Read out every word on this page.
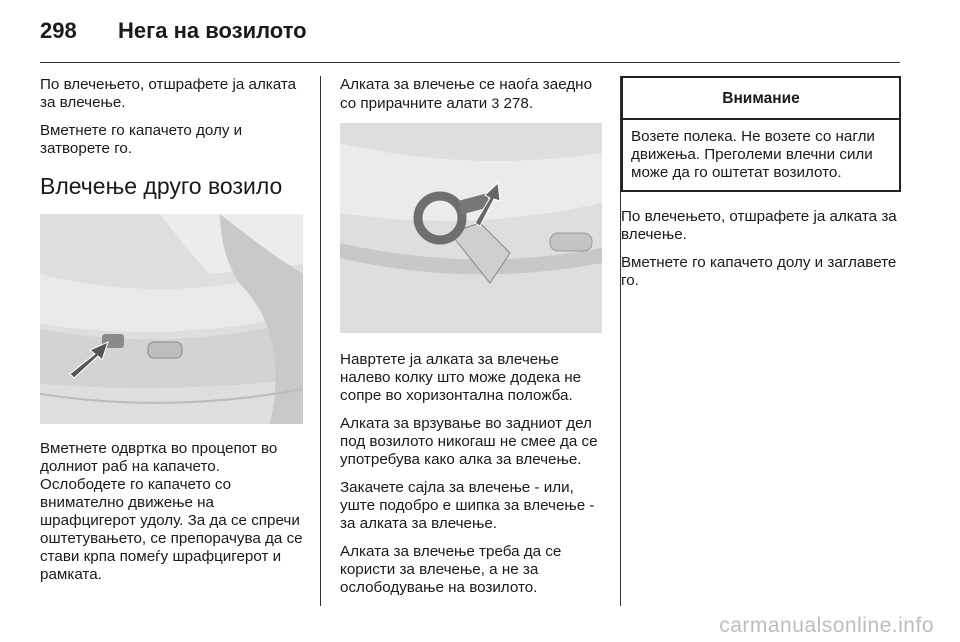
298	Нега на возилото

По влечењето, отшрафете ја алката за влечење.

Вметнете го капачето долу и затворете го.

Влечење друго возило

Вметнете одвртка во процепот во долниот раб на капачето. Ослободете го капачето со внимателно движење на шрафцигерот удолу. За да се спречи оштетувањето, се препорачува да се стави крпа помеѓу шрафцигерот и рамката.

Алката за влечење се наоѓа заедно со прирачните алати 3 278.

Навртете ја алката за влечење налево колку што може додека не сопре во хоризонтална положба.

Алката за врзување во задниот дел под возилото никогаш не смее да се употребува како алка за влечење.

Закачете сајла за влечење - или, уште подобро е шипка за влечење - за алката за влечење.

Алката за влечење треба да се користи за влечење, а не за ослободување на возилото.

Внимание
Возете полека. Не возете со нагли движења. Преголеми влечни сили може да го оштетат возилото.

По влечењето, отшрафете ја алката за влечење.

Вметнете го капачето долу и заглавете го.

carmanualsonline.info
